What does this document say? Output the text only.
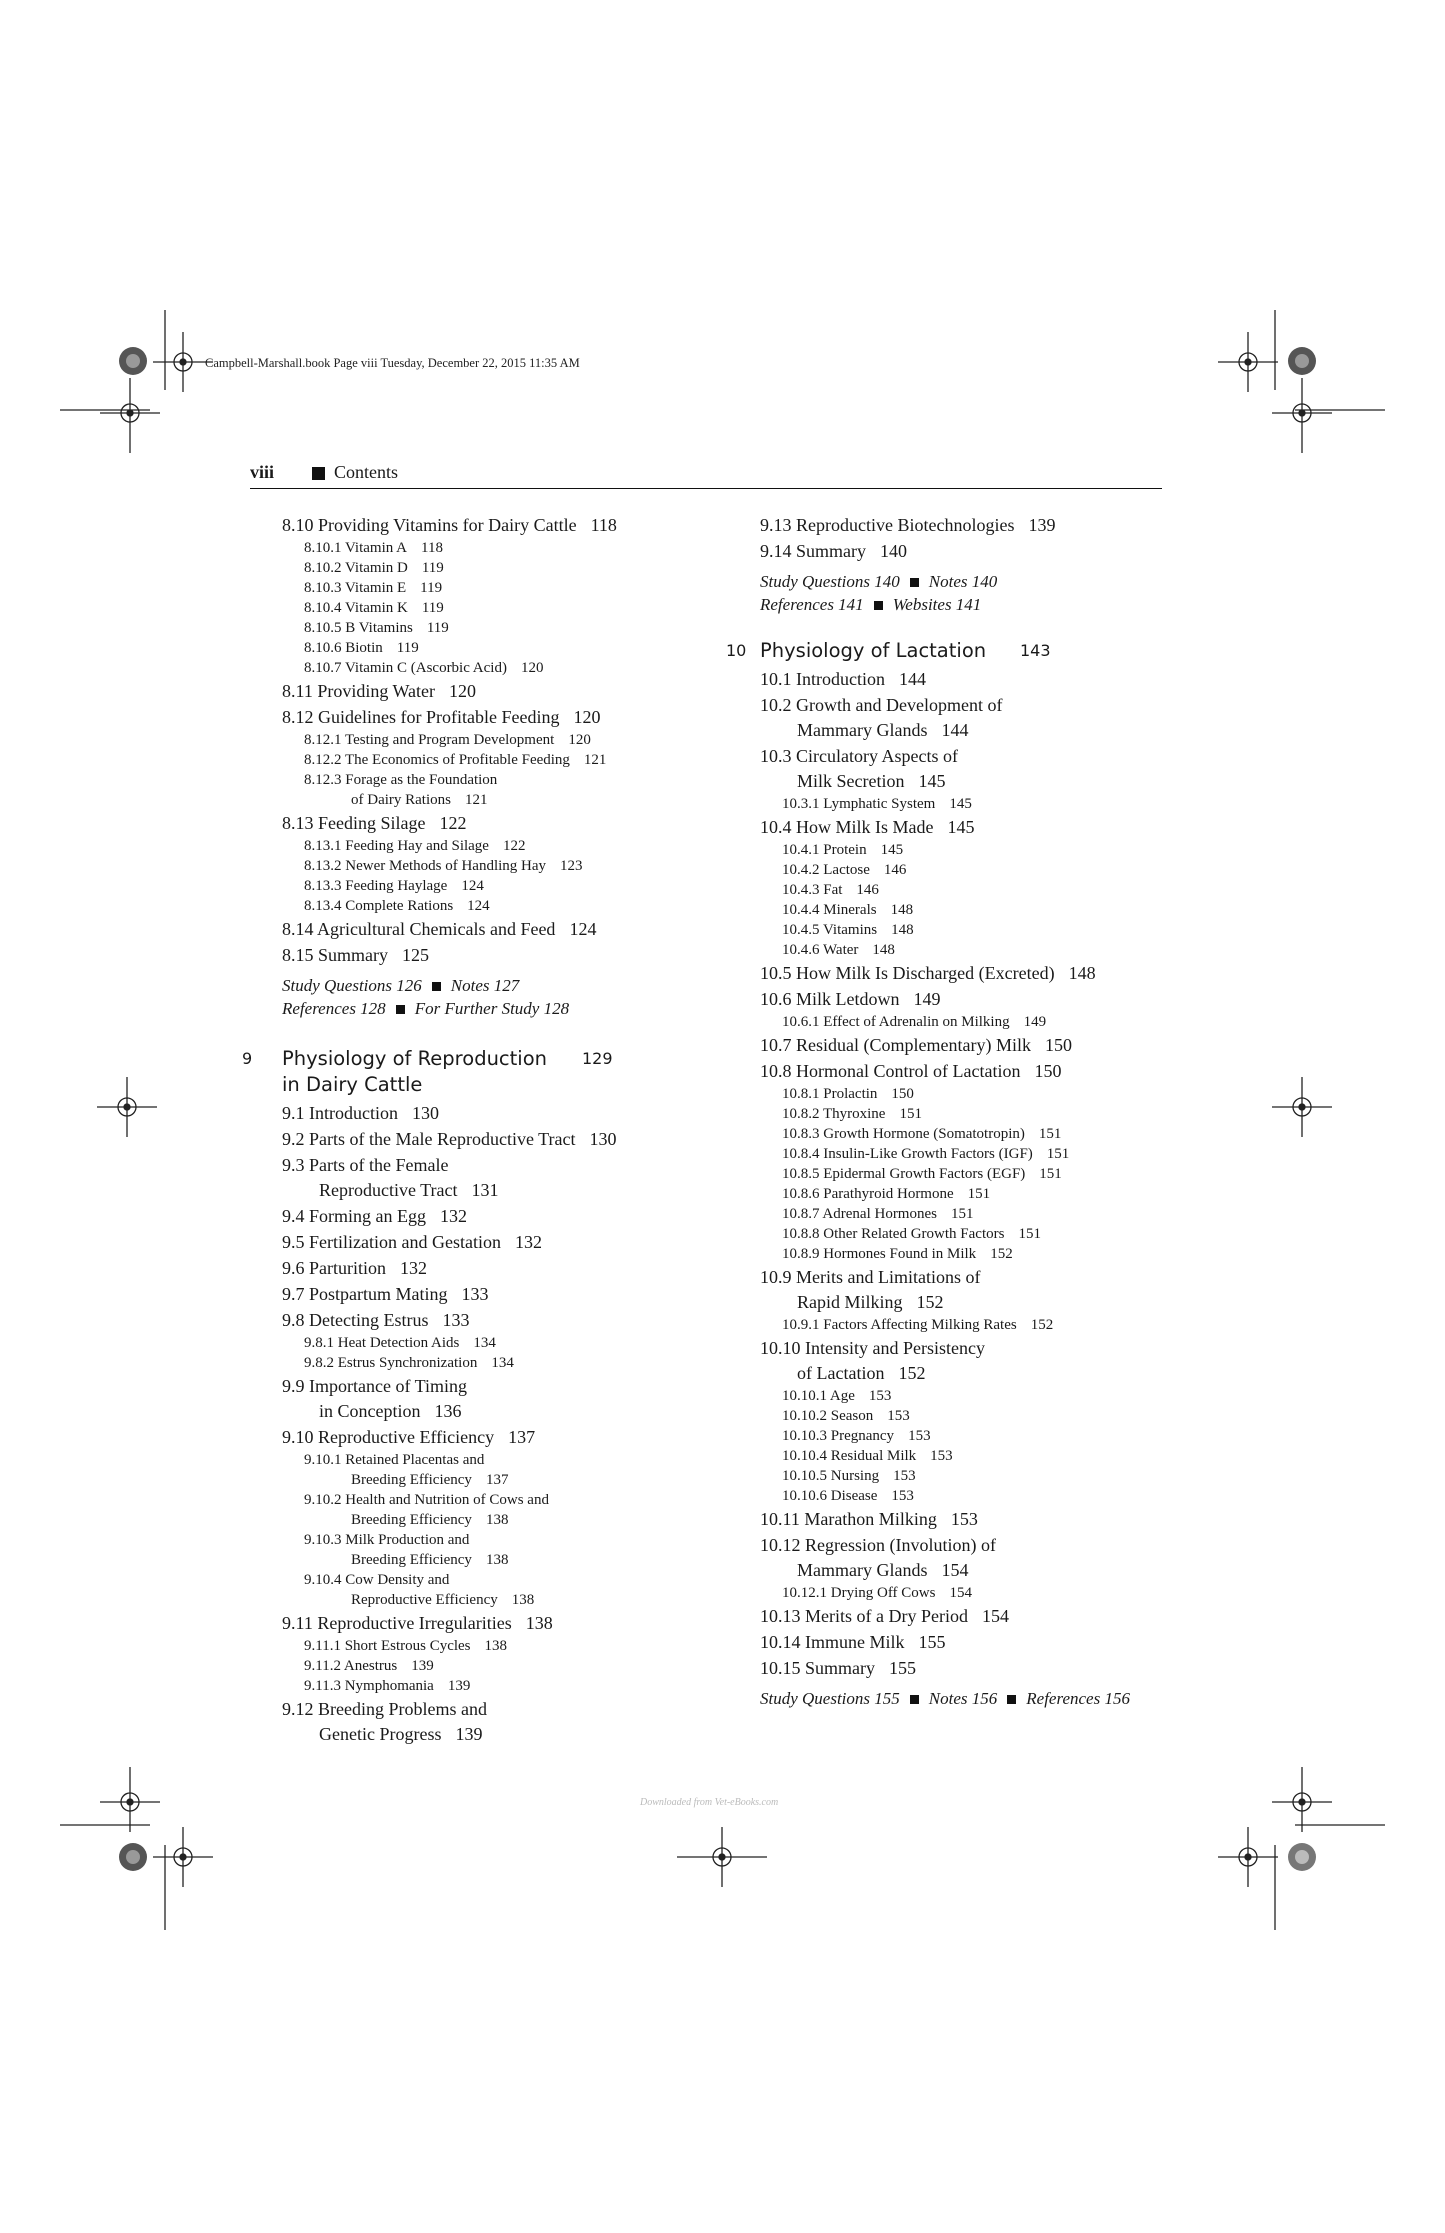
Campbell-Marshall.book Page viii Tuesday, December 22, 2015 11:35 AM
viii	Contents
8.10 Providing Vitamins for Dairy Cattle 118
8.10.1 Vitamin A 118
8.10.2 Vitamin D 119
8.10.3 Vitamin E 119
8.10.4 Vitamin K 119
8.10.5 B Vitamins 119
8.10.6 Biotin 119
8.10.7 Vitamin C (Ascorbic Acid) 120
8.11 Providing Water 120
8.12 Guidelines for Profitable Feeding 120
8.12.1 Testing and Program Development 120
8.12.2 The Economics of Profitable Feeding 121
8.12.3 Forage as the Foundation
of Dairy Rations 121
8.13 Feeding Silage 122
8.13.1 Feeding Hay and Silage 122
8.13.2 Newer Methods of Handling Hay 123
8.13.3 Feeding Haylage 124
8.13.4 Complete Rations 124
8.14 Agricultural Chemicals and Feed 124
8.15 Summary 125
Study Questions 126 Notes 127
References 128 For Further Study 128
9 Physiology of Reproduction 129

in Dairy Cattle
9.1 Introduction 130
9.2 Parts of the Male Reproductive Tract 130
9.3 Parts of the Female
Reproductive Tract 131
9.4 Forming an Egg 132
9.5 Fertilization and Gestation 132
9.6 Parturition 132
9.7 Postpartum Mating 133
9.8 Detecting Estrus 133
9.8.1 Heat Detection Aids 134
9.8.2 Estrus Synchronization 134
9.9 Importance of Timing
in Conception 136
9.10 Reproductive Efficiency 137
9.10.1 Retained Placentas and
Breeding Efficiency 137
9.10.2 Health and Nutrition of Cows and
Breeding Efficiency 138
9.10.3 Milk Production and
Breeding Efficiency 138
9.10.4 Cow Density and
Reproductive Efficiency 138
9.11 Reproductive Irregularities 138
9.11.1 Short Estrous Cycles 138
9.11.2 Anestrus 139
9.11.3 Nymphomania 139
9.12 Breeding Problems and
Genetic Progress 139
9.13 Reproductive Biotechnologies 139
9.14 Summary 140
Study Questions 140 Notes 140
References 141 Websites 141
10 Physiology of Lactation 143
10.1 Introduction 144
10.2 Growth and Development of
Mammary Glands 144
10.3 Circulatory Aspects of
Milk Secretion 145
10.3.1 Lymphatic System 145
10.4 How Milk Is Made 145
10.4.1 Protein 145
10.4.2 Lactose 146
10.4.3 Fat 146
10.4.4 Minerals 148
10.4.5 Vitamins 148
10.4.6 Water 148
10.5 How Milk Is Discharged (Excreted) 148
10.6 Milk Letdown 149
10.6.1 Effect of Adrenalin on Milking 149
10.7 Residual (Complementary) Milk 150
10.8 Hormonal Control of Lactation 150
10.8.1 Prolactin 150
10.8.2 Thyroxine 151
10.8.3 Growth Hormone (Somatotropin) 151
10.8.4 Insulin-Like Growth Factors (IGF) 151
10.8.5 Epidermal Growth Factors (EGF) 151
10.8.6 Parathyroid Hormone 151
10.8.7 Adrenal Hormones 151
10.8.8 Other Related Growth Factors 151
10.8.9 Hormones Found in Milk 152
10.9 Merits and Limitations of
Rapid Milking 152
10.9.1 Factors Affecting Milking Rates 152
10.10 Intensity and Persistency
of Lactation 152
10.10.1 Age 153
10.10.2 Season 153
10.10.3 Pregnancy 153
10.10.4 Residual Milk 153
10.10.5 Nursing 153
10.10.6 Disease 153
10.11 Marathon Milking 153
10.12 Regression (Involution) of
Mammary Glands 154
10.12.1 Drying Off Cows 154
10.13 Merits of a Dry Period 154
10.14 Immune Milk 155
10.15 Summary 155
Study Questions 155 Notes 156 References 156
Downloaded from Vet-eBooks.com
